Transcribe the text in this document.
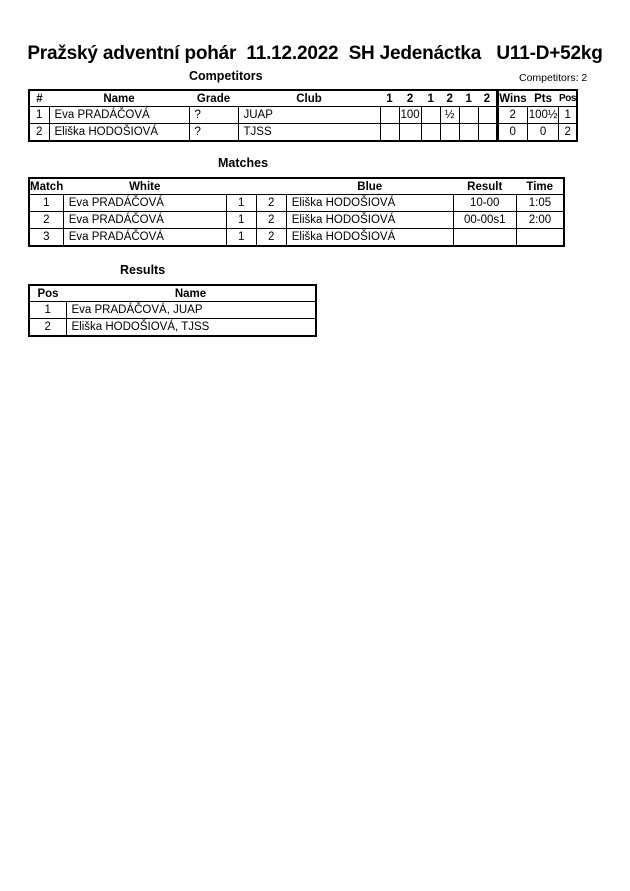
Pražský adventní pohár  11.12.2022  SH Jedenáctka   U11-D+52kg
Competitors	Competitors: 2
#	Name	Grade	Club	1	2	1	2	1	2	Wins	Pts	Pos
1	Eva PRADÁČOVÁ	?	JUAP		100		½			2	100½	1
2	Eliška HODOŠIOVÁ	?	TJSS							0	0	2
Matches
Match	White			Blue	Result	Time
1	Eva PRADÁČOVÁ	1	2	Eliška HODOŠIOVÁ	10-00	1:05
2	Eva PRADÁČOVÁ	1	2	Eliška HODOŠIOVÁ	00-00s1	2:00
3	Eva PRADÁČOVÁ	1	2	Eliška HODOŠIOVÁ		
Results
Pos	Name
1	Eva PRADÁČOVÁ, JUAP
2	Eliška HODOŠIOVÁ, TJSS
